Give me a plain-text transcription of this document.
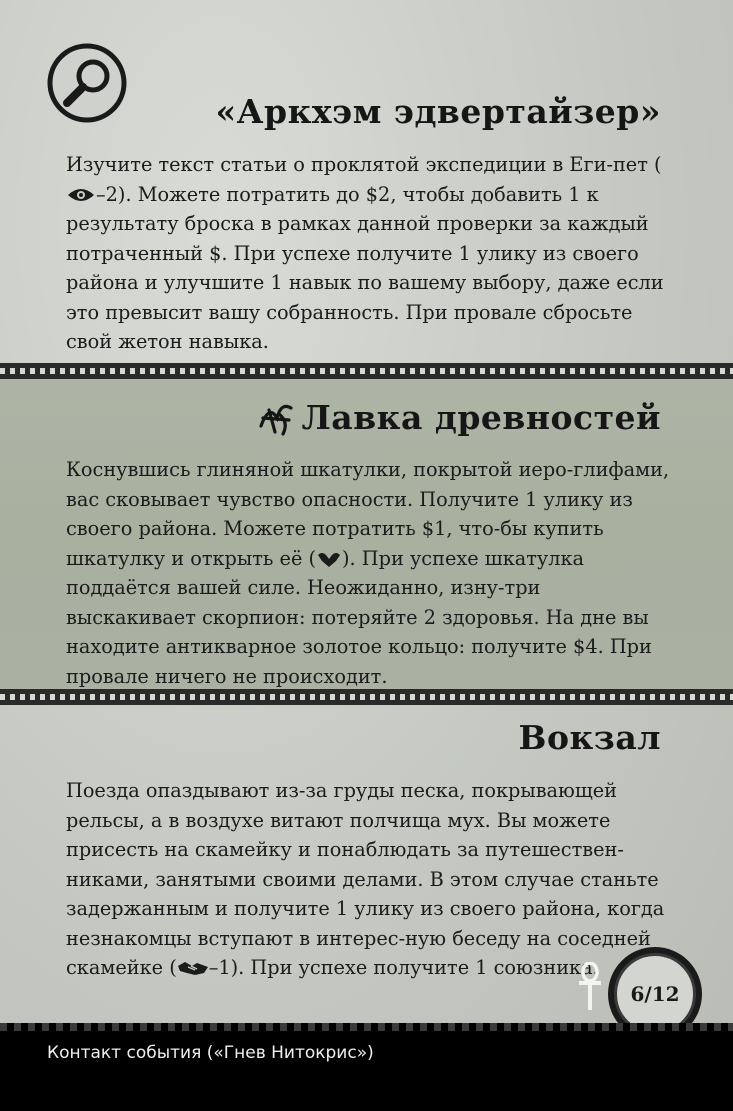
«Аркхэм эдвертайзер»

Изучите текст статьи о проклятой экспедиции в Еги-пет (–2). Можете потратить до $2, чтобы добавить 1 к результату броска в рамках данной проверки за каждый потраченный $. При успехе получите 1 улику из своего района и улучшите 1 навык по вашему выбору, даже если это превысит вашу собранность. При провале сбросьте свой жетон навыка.

Лавка древностей

Коснувшись глиняной шкатулки, покрытой иеро-глифами, вас сковывает чувство опасности. Получите 1 улику из своего района. Можете потратить $1, что-бы купить шкатулку и открыть её ( ). При успехе шкатулка поддаётся вашей силе. Неожиданно, изну-три выскакивает скорпион: потеряйте 2 здоровья. На дне вы находите антикварное золотое кольцо: получите $4. При провале ничего не происходит.

Вокзал

Поезда опаздывают из-за груды песка, покрывающей рельсы, а в воздухе витают полчища мух. Вы можете присесть на скамейку и понаблюдать за путешествен-никами, занятыми своими делами. В этом случае станьте задержанным и получите 1 улику из своего района, когда незнакомцы вступают в интерес-ную беседу на соседней скамейке ( –1). При успехе получите 1 союзника.

6/12

Контакт события («Гнев Нитокрис»)
